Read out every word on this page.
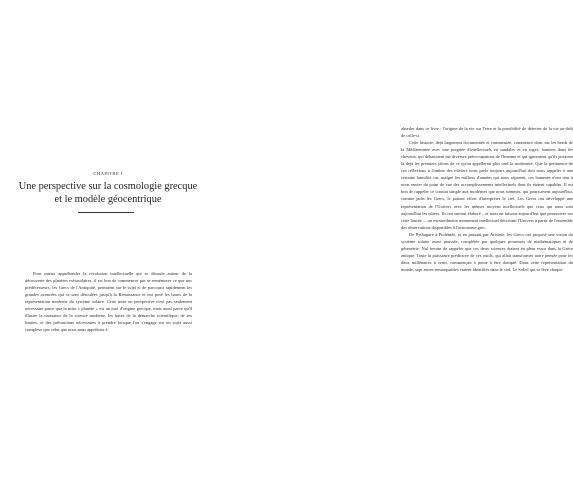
CHAPITRE I
Une perspective sur la cosmologie grecque et le modèle géocentrique

Pour mieux appréhender la révolution intellectuelle qui se déroule autour de la découverte des planètes extrasolaires, il est bon de commencer par se remémorer ce que nos prédécesseurs, les Grecs de l'Antiquité, pensaient sur le sujet et de parcourir rapidement les grandes avancées qui se sont déroulées jusqu'à la Renaissance et ont posé les bases de la représentation moderne du système solaire. Cette mise en perspective n'est pas seulement nécessaire parce que la mise « planète » est un mot d'origine grecque, mais aussi parce qu'il illustre la naissance de la science moderne, les bases de la démarche scientifique, de ses limites, et des précautions nécessaires à prendre lorsque l'on s'engage sur un sujet aussi complexe que celui que nous nous apprêtons à

aborder dans ce livre : l'origine de la vie sur Terre et la possibilité de détecter de la vie au-delà de celle-ci.

Cette histoire, déjà largement documentée et commentée, commence donc sur les bords de la Méditerranée avec une poignée d'intellectuels en sandales et en toges, hantiers dans les cheveux, qui débattaient sur diverses préoccupations de l'homme et qui ignoraient qu'ils posaient là déjà les premiers jalons de ce qu'on appellerait plus tard la modernité. Que la pertinence de ces réflexions à l'ombre des oliviers nous parle toujours aujourd'hui doit nous rappeler à une certaine humilité car, malgré les milliers d'années qui nous séparent, ces hommes n'ont rien à nous envier du point de vue des accomplissements intellectuels dont ils étaient capables. Il est bon de rappeler ce constat simple aux modernes que nous sommes, qui poursuivent aujourd'hui, comme jadis les Grecs, le patient effort d'interpréter le ciel. Les Grecs ont développé une représentation de l'Univers avec les mêmes moyens intellectuels que ceux qui nous sont aujourd'hui les nôtres. Ils ont surtout élaboré – et nous ne faisons aujourd'hui que poursuivre sur cette lancée –, un extraordinaire monument intellectuel décrivant l'Univers à partir de l'ensemble des observations disponibles à l'astronome grec.

De Pythagore à Ptolémée, et en passant par Aristote, les Grecs ont proposé une vision du système solaire assez poussée, complétée par quelques prouesses de mathématiques et de géométrie. Nul besoin de rappeler que ces deux sciences étaient en plein essor dans la Grèce antique. Toute la puissance prédictive de ces outils, qui allait transformer notre pensée pour les deux millénaires à venir, commençait à peine à être dompté. Dans cette représentation du monde, sept astres remarquables étaient identifiés dans le ciel. Le Soleil qui se lève chaque
